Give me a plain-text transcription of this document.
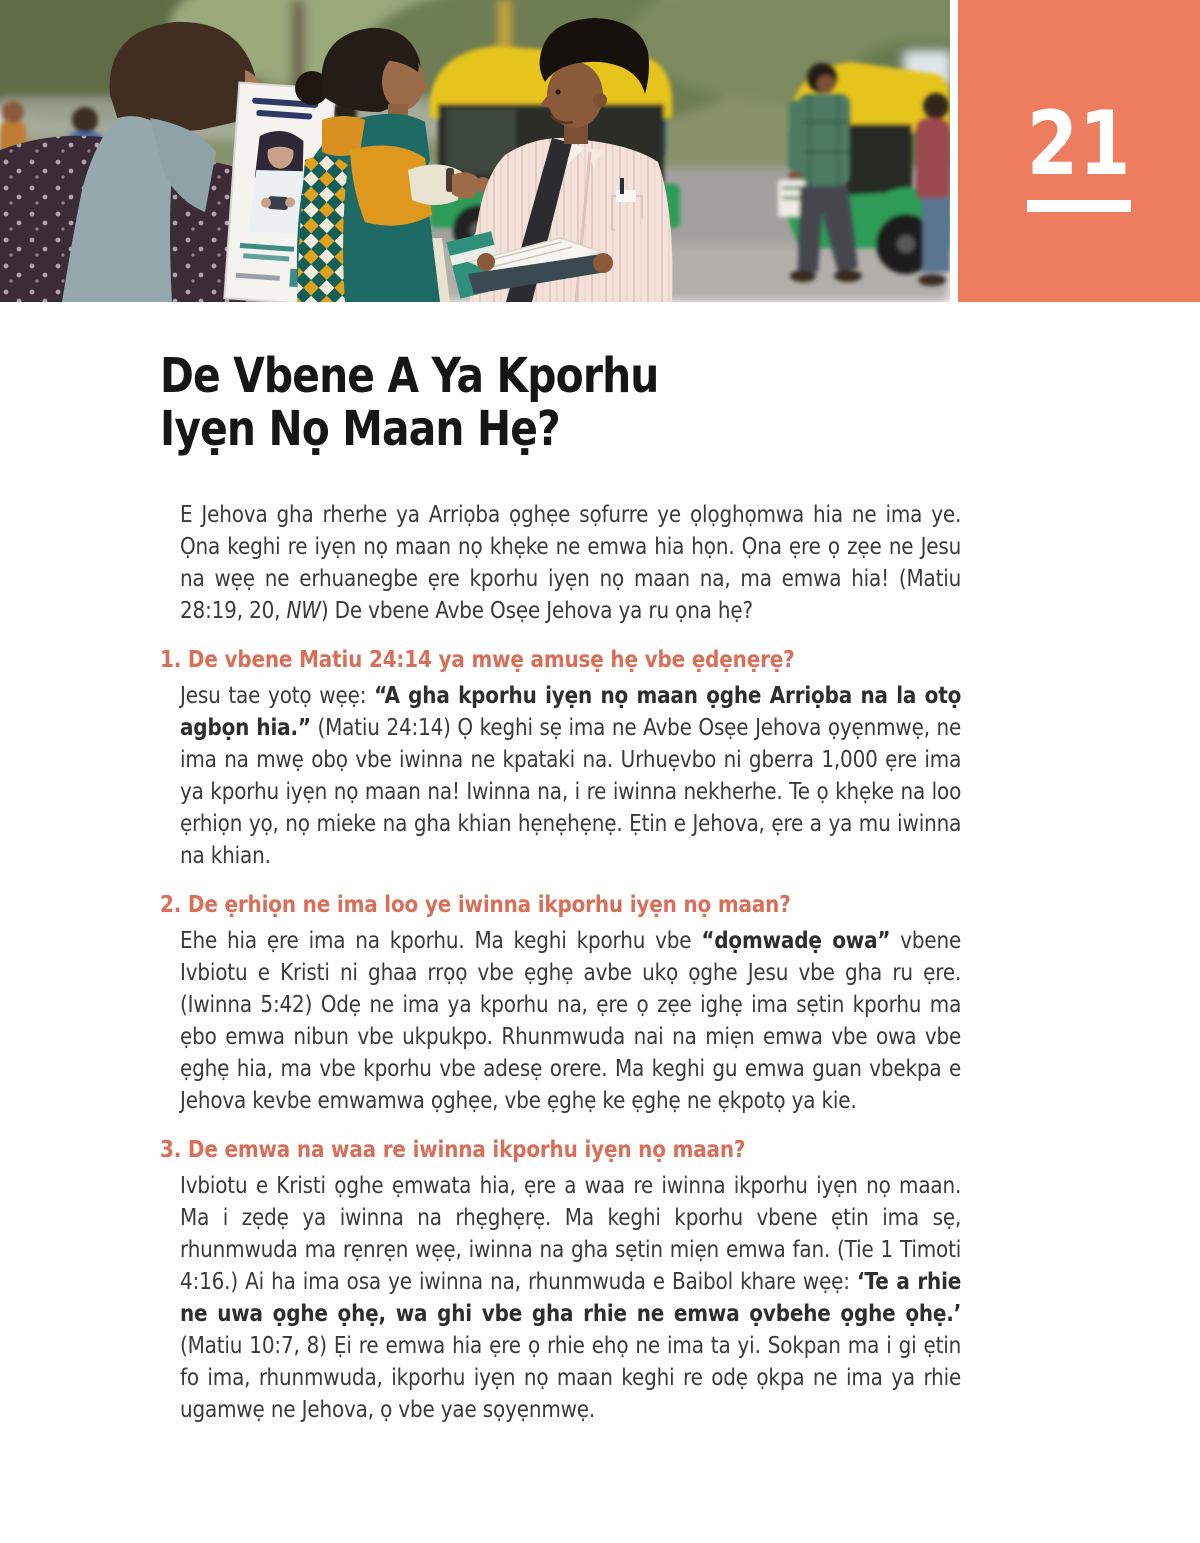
21
De Vbene A Ya Kporhu
Iyẹn Nọ Maan Hẹ?

E Jehova gha rherhe ya Arriọba ọghẹe sọfurre ye ọlọghọmwa hia ne ima ye. Ọna keghi re iyẹn nọ maan nọ khẹke ne emwa hia họn. Ọna ẹre ọ zẹe ne Jesu na wẹẹ ne erhuanegbe ẹre kporhu iyẹn nọ maan na, ma emwa hia! (Matiu 28:19, 20, NW) De vbene Avbe Osẹe Jehova ya ru ọna hẹ?

1. De vbene Matiu 24:14 ya mwẹ amusẹ hẹ vbe ẹdẹnẹrẹ?

Jesu tae yotọ wẹẹ: “A gha kporhu iyẹn nọ maan ọghe Arriọba na la otọ agbọn hia.” (Matiu 24:14) Ọ keghi sẹ ima ne Avbe Osẹe Jehova ọyẹnmwẹ, ne ima na mwẹ obọ vbe iwinna ne kpataki na. Urhuẹvbo ni gberra 1,000 ẹre ima ya kporhu iyẹn nọ maan na! Iwinna na, i re iwinna nekherhe. Te ọ khẹke na loo ẹrhiọn yọ, nọ mieke na gha khian hẹnẹhẹnẹ. Ẹtin e Jehova, ẹre a ya mu iwinna na khian.

2. De ẹrhiọn ne ima loo ye iwinna ikporhu iyẹn nọ maan?

Ehe hia ẹre ima na kporhu. Ma keghi kporhu vbe “dọmwadẹ owa” vbene Ivbiotu e Kristi ni ghaa rrọọ vbe ẹghẹ avbe ukọ ọghe Jesu vbe gha ru ẹre. (Iwinna 5:42) Odẹ ne ima ya kporhu na, ẹre ọ zẹe ighẹ ima sẹtin kporhu ma ẹbo emwa nibun vbe ukpukpo. Rhunmwuda nai na miẹn emwa vbe owa vbe ẹghẹ hia, ma vbe kporhu vbe adesẹ orere. Ma keghi gu emwa guan vbekpa e Jehova kevbe emwamwa ọghẹe, vbe ẹghẹ ke ẹghẹ ne ẹkpotọ ya kie.

3. De emwa na waa re iwinna ikporhu iyẹn nọ maan?

Ivbiotu e Kristi ọghe ẹmwata hia, ẹre a waa re iwinna ikporhu iyẹn nọ maan. Ma i zẹdẹ ya iwinna na rhẹghẹrẹ. Ma keghi kporhu vbene ẹtin ima sẹ, rhunmwuda ma rẹnrẹn wẹẹ, iwinna na gha sẹtin miẹn emwa fan. (Tie 1 Timoti 4:16.) Ai ha ima osa ye iwinna na, rhunmwuda e Baibol khare wẹẹ: ‘Te a rhie ne uwa ọghe ọhẹ, wa ghi vbe gha rhie ne emwa ọvbehe ọghe ọhẹ.’ (Matiu 10:7, 8) Ẹi re emwa hia ẹre ọ rhie ehọ ne ima ta yi. Sokpan ma i gi ẹtin fo ima, rhunmwuda, ikporhu iyẹn nọ maan keghi re odẹ ọkpa ne ima ya rhie ugamwẹ ne Jehova, ọ vbe yae sọyẹnmwẹ.
